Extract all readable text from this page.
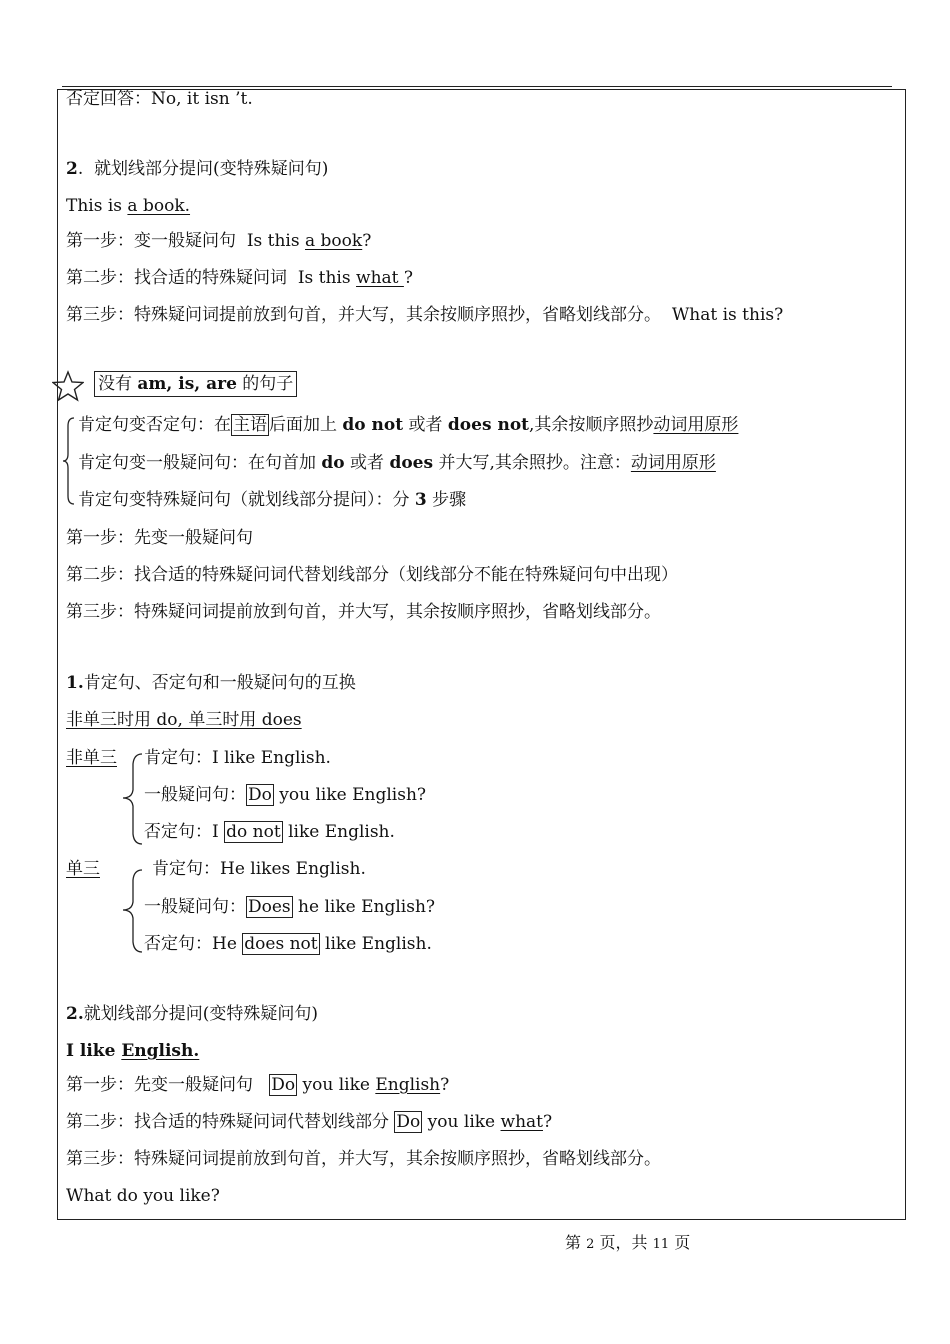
否定回答：No, it isn ’t.
2. 就划线部分提问(变特殊疑问句)
This is a book.
第一步：变一般疑问句 Is this a book?
第二步：找合适的特殊疑问词 Is this what ?
第三步：特殊疑问词提前放到句首，并大写，其余按顺序照抄，省略划线部分。 What is this?
没有 am, is, are 的句子
肯定句变否定句：在 主语 后面加上 do not 或者 does not,其余按顺序照抄动词用原形
肯定句变一般疑问句：在句首加 do 或者 does 并大写,其余照抄。注意：动词用原形
肯定句变特殊疑问句（就划线部分提问）：分 3 步骤
第一步：先变一般疑问句
第二步：找合适的特殊疑问词代替划线部分（划线部分不能在特殊疑问句中出现）
第三步：特殊疑问词提前放到句首，并大写，其余按顺序照抄，省略划线部分。
1.肯定句、否定句和一般疑问句的互换
非单三时用 do, 单三时用 does
非单三 肯定句：I like English.
一般疑问句： Do you like English?
否定句：I do not like English.
单三	肯定句：He likes English.
一般疑问句： Does he like English?
否定句：He does not like English.
2.就划线部分提问(变特殊疑问句)
I like English.
第一步：先变一般疑问句 Do you like English?
第二步：找合适的特殊疑问词代替划线部分 Do you like what?
第三步：特殊疑问词提前放到句首，并大写，其余按顺序照抄，省略划线部分。
What do you like?
第 2 页，共 11 页
